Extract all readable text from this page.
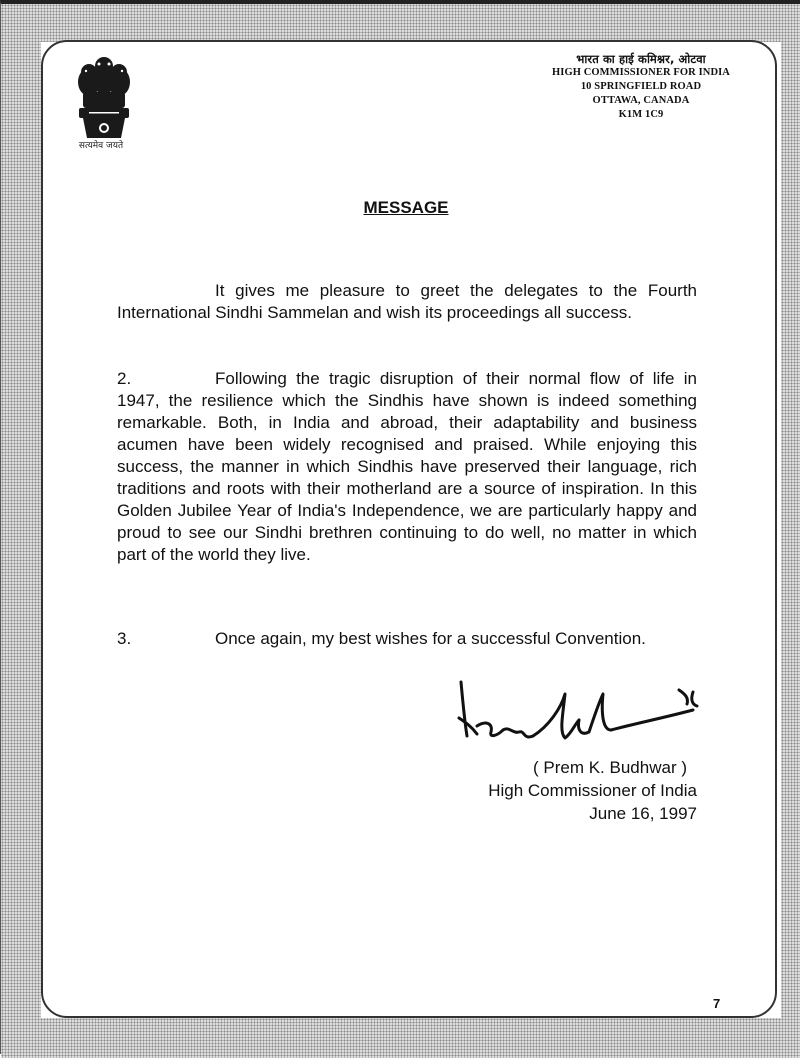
सत्यमेव जयते
भारत का हाई कमिश्नर, ओटवा
HIGH COMMISSIONER FOR INDIA
10 SPRINGFIELD ROAD
OTTAWA, CANADA
K1M 1C9
MESSAGE

It gives me pleasure to greet the delegates to the Fourth International Sindhi Sammelan and wish its proceedings all success.

2.	Following the tragic disruption of their normal flow of life in 1947, the resilience which the Sindhis have shown is indeed something remarkable. Both, in India and abroad, their adaptability and business acumen have been widely recognised and praised. While enjoying this success, the manner in which Sindhis have preserved their language, rich traditions and roots with their motherland are a source of inspiration. In this Golden Jubilee Year of India's Independence, we are particularly happy and proud to see our Sindhi brethren continuing to do well, no matter in which part of the world they live.

3.	Once again, my best wishes for a successful Convention.

( Prem K. Budhwar )
High Commissioner of India
June 16, 1997
7
